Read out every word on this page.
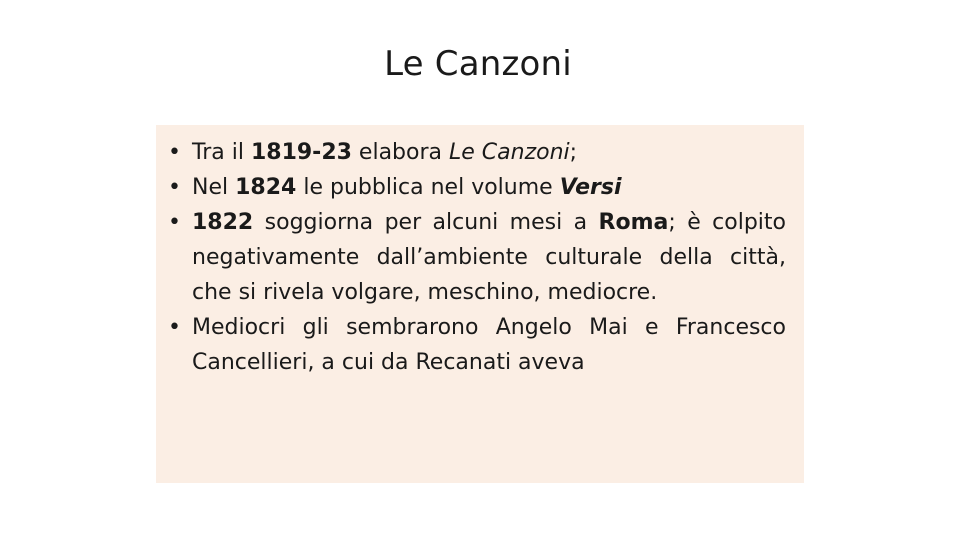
Le Canzoni
• Tra il 1819-23 elabora Le Canzoni;
• Nel 1824 le pubblica nel volume Versi
• 1822 soggiorna per alcuni mesi a Roma; è colpito negativamente dall’ambiente culturale della città, che si rivela volgare, meschino, mediocre.
• Mediocri gli sembrarono Angelo Mai e Francesco Cancellieri, a cui da Recanati aveva
